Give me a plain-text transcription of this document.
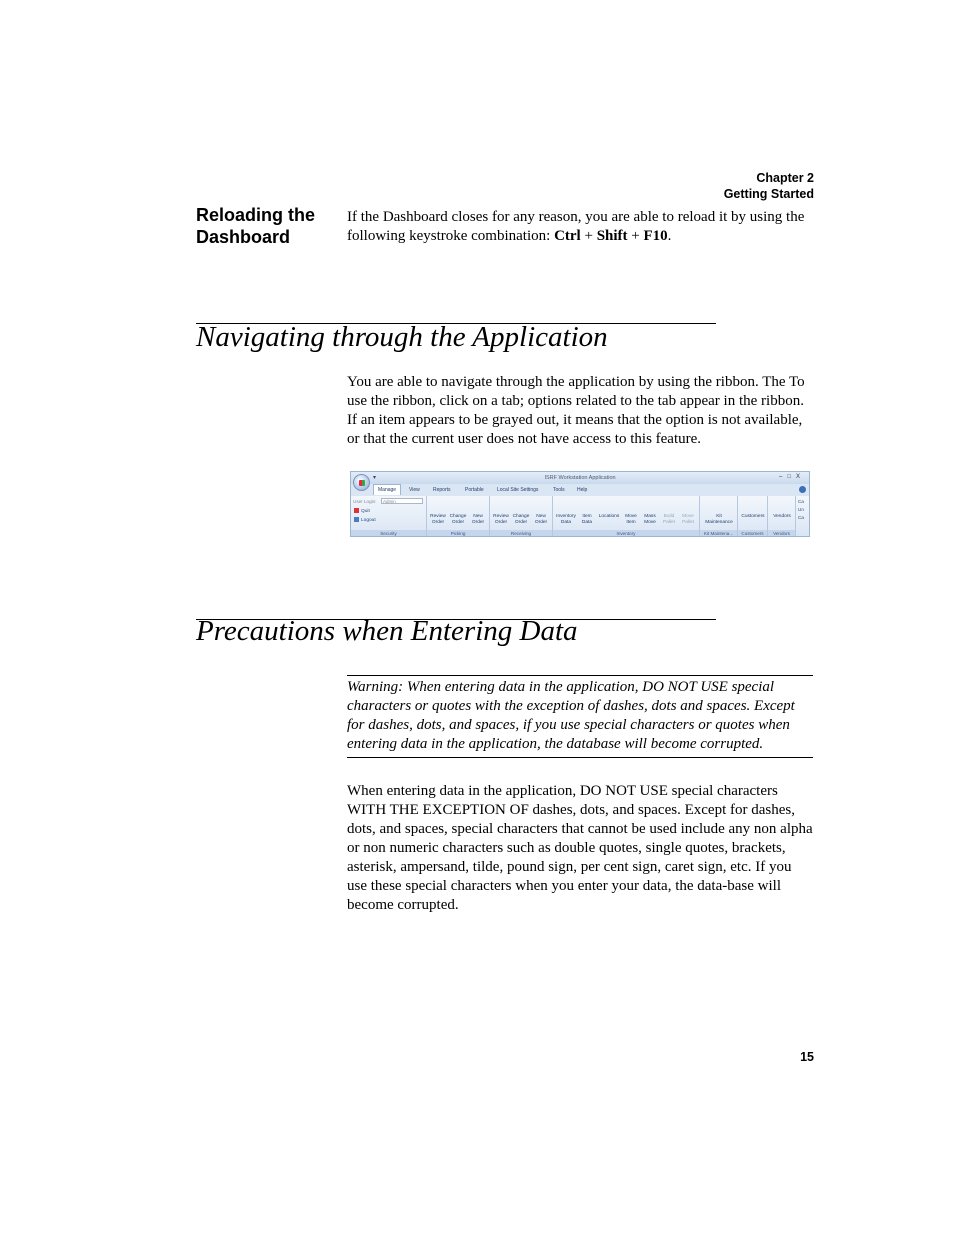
Chapter 2
Getting Started
Reloading the Dashboard

If the Dashboard closes for any reason, you are able to reload it by using the following keystroke combination: Ctrl + Shift + F10.

Navigating through the Application

You are able to navigate through the application by using the ribbon. The To use the ribbon, click on a tab; options related to the tab appear in the ribbon. If an item appears to be grayed out, it means that the option is not available, or that the current user does not have access to this feature.

ISRF Workstation Application	–□X
▾
Manage	View	Reports	Portable	Local Site Settings	Tools Help
User Login:	Admin
Quit
Logout
Security
Review Order
Change Order
New Order
Picking
Review Order
Change Order
New Order
Receiving
Inventory Data
Item Data
Locations	Move Item
Mass Move
Build Pallet
Move Pallet
Inventory
Kit Maintenance
Kit Maintena...
Customers
Customers
Vendors
Vendors
Ca
Un
Ca
Precautions when Entering Data

Warning: When entering data in the application, DO NOT USE special characters or quotes with the exception of dashes, dots and spaces. Except for dashes, dots, and spaces, if you use special characters or quotes when entering data in the application, the database will become corrupted.

When entering data in the application, DO NOT USE special characters WITH THE EXCEPTION OF dashes, dots, and spaces. Except for dashes, dots, and spaces, special characters that cannot be used include any non alpha or non numeric characters such as double quotes, single quotes, brackets, asterisk, ampersand, tilde, pound sign, per cent sign, caret sign, etc. If you use these special characters when you enter your data, the data-base will become corrupted.

15
